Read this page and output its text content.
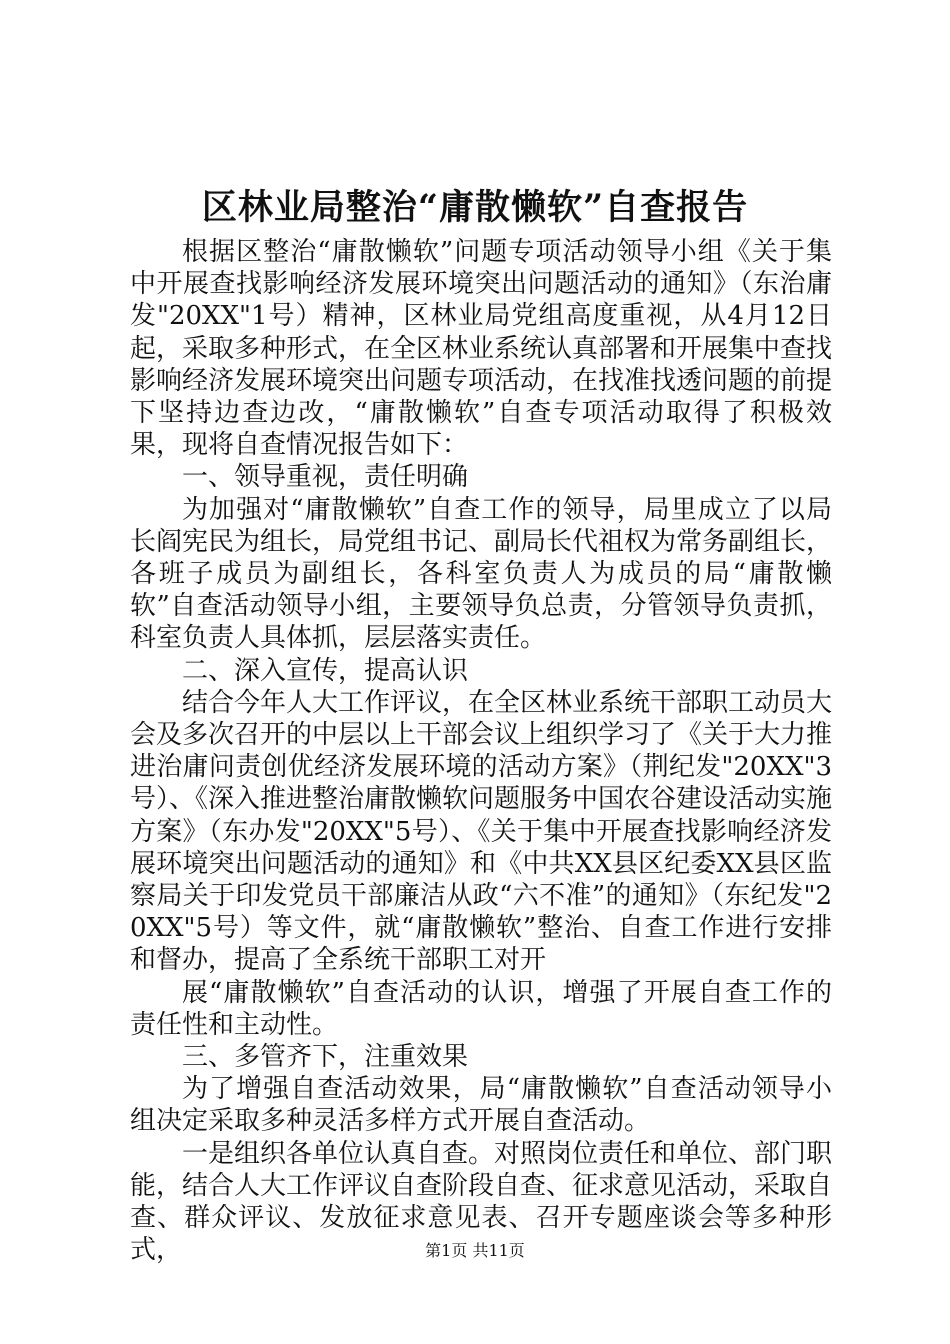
区林业局整治“庸散懒软”自查报告

根据区整治“庸散懒软”问题专项活动领导小组《关于集中开展查找影响经济发展环境突出问题活动的通知》（东治庸发"20XX"1号）精神，区林业局党组高度重视，从4月12日起，采取多种形式，在全区林业系统认真部署和开展集中查找影响经济发展环境突出问题专项活动，在找准找透问题的前提下坚持边查边改，“庸散懒软”自查专项活动取得了积极效果，现将自查情况报告如下：

一、领导重视，责任明确

为加强对“庸散懒软”自查工作的领导，局里成立了以局长阎宪民为组长，局党组书记、副局长代祖权为常务副组长，各班子成员为副组长，各科室负责人为成员的局“庸散懒软”自查活动领导小组，主要领导负总责，分管领导负责抓，科室负责人具体抓，层层落实责任。

二、深入宣传，提高认识

结合今年人大工作评议，在全区林业系统干部职工动员大会及多次召开的中层以上干部会议上组织学习了《关于大力推进治庸问责创优经济发展环境的活动方案》（荆纪发"20XX"3号）、《深入推进整治庸散懒软问题服务中国农谷建设活动实施方案》（东办发"20XX"5号）、《关于集中开展查找影响经济发展环境突出问题活动的通知》和《中共XX县区纪委XX县区监察局关于印发党员干部廉洁从政“六不准”的通知》（东纪发"20XX"5号）等文件，就“庸散懒软”整治、自查工作进行安排和督办，提高了全系统干部职工对开

展“庸散懒软”自查活动的认识，增强了开展自查工作的责任性和主动性。

三、多管齐下，注重效果

为了增强自查活动效果，局“庸散懒软”自查活动领导小组决定采取多种灵活多样方式开展自查活动。

一是组织各单位认真自查。对照岗位责任和单位、部门职能，结合人大工作评议自查阶段自查、征求意见活动，采取自查、群众评议、发放征求意见表、召开专题座谈会等多种形式，	第1页 共11页
